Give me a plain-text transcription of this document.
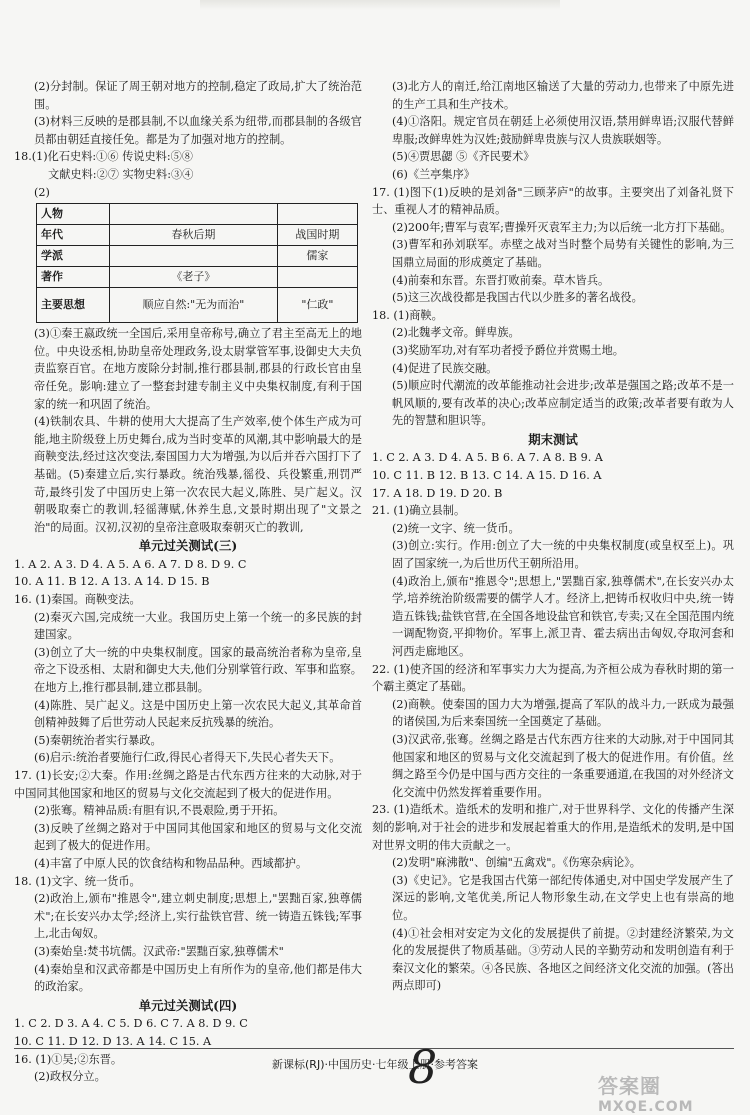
(2)分封制。保证了周王朝对地方的控制,稳定了政局,扩大了统治范围。

(3)材料三反映的是郡县制,不以血缘关系为纽带,而郡县制的各级官员都由朝廷直接任免。都是为了加强对地方的控制。

18.(1)化石史料:①⑥ 传说史料:⑤⑧

文献史料:②⑦ 实物史料:③④

(2)

人物		
年代	春秋后期	战国时期
学派		儒家
著作	《老子》	
主要思想	顺应自然:"无为而治"	"仁政"

(3)①秦王嬴政统一全国后,采用皇帝称号,确立了君主至高无上的地位。中央设丞相,协助皇帝处理政务,设太尉掌管军事,设御史大夫负责监察百官。在地方废除分封制,推行郡县制,郡县的行政长官由皇帝任免。影响:建立了一整套封建专制主义中央集权制度,有利于国家的统一和巩固了统治。

(4)铁制农具、牛耕的使用大大提高了生产效率,使个体生产成为可能,地主阶级登上历史舞台,成为当时变革的风潮,其中影响最大的是商鞅变法,经过这次变法,秦国国力大为增强,为以后并吞六国打下了基础。(5)秦建立后,实行暴政。统治残暴,徭役、兵役繁重,刑罚严苛,最终引发了中国历史上第一次农民大起义,陈胜、吴广起义。汉朝吸取秦亡的教训,轻徭薄赋,休养生息,文景时期出现了"文景之治"的局面。汉初,汉初的皇帝注意吸取秦朝灭亡的教训,

单元过关测试(三)

1. A 2. A 3. D 4. A 5. A 6. A 7. D 8. D 9. C

10. A 11. B 12. A 13. A 14. D 15. B

16. (1)秦国。商鞅变法。

(2)秦灭六国,完成统一大业。我国历史上第一个统一的多民族的封建国家。

(3)创立了大一统的中央集权制度。国家的最高统治者称为皇帝,皇帝之下设丞相、太尉和御史大夫,他们分别掌管行政、军事和监察。在地方上,推行郡县制,建立郡县制。

(4)陈胜、吴广起义。这是中国历史上第一次农民大起义,其革命首创精神鼓舞了后世劳动人民起来反抗残暴的统治。

(5)秦朝统治者实行暴政。

(6)启示:统治者要施行仁政,得民心者得天下,失民心者失天下。

17. (1)长安;②大秦。作用:丝绸之路是古代东西方往来的大动脉,对于中国同其他国家和地区的贸易与文化交流起到了极大的促进作用。

(2)张骞。精神品质:有胆有识,不畏艰险,勇于开拓。

(3)反映了丝绸之路对于中国同其他国家和地区的贸易与文化交流起到了极大的促进作用。

(4)丰富了中原人民的饮食结构和物品品种。西域都护。

18. (1)文字、统一货币。

(2)政治上,颁布"推恩令",建立刺史制度;思想上,"罢黜百家,独尊儒术";在长安兴办太学;经济上,实行盐铁官营、统一铸造五铢钱;军事上,北击匈奴。

(3)秦始皇:焚书坑儒。汉武帝:"罢黜百家,独尊儒术"

(4)秦始皇和汉武帝都是中国历史上有所作为的皇帝,他们都是伟大的政治家。

单元过关测试(四)

1. C 2. D 3. A 4. C 5. D 6. C 7. A 8. D 9. C

10. C 11. D 12. D 13. A 14. C 15. A

16. (1)①吴;②东晋。

(2)政权分立。

(3)北方人的南迁,给江南地区输送了大量的劳动力,也带来了中原先进的生产工具和生产技术。

(4)①洛阳。规定官员在朝廷上必须使用汉语,禁用鲜卑语;汉服代替鲜卑服;改鲜卑姓为汉姓;鼓励鲜卑贵族与汉人贵族联姻等。

(5)④贾思勰 ⑤《齐民要术》

(6)《兰亭集序》

17. (1)图下(1)反映的是刘备"三顾茅庐"的故事。主要突出了刘备礼贤下士、重视人才的精神品质。

(2)200年;曹军与袁军;曹操歼灭袁军主力;为以后统一北方打下基础。

(3)曹军和孙刘联军。赤壁之战对当时整个局势有关键性的影响,为三国鼎立局面的形成奠定了基础。

(4)前秦和东晋。东晋打败前秦。草木皆兵。

(5)这三次战役都是我国古代以少胜多的著名战役。

18. (1)商鞅。

(2)北魏孝文帝。鲜卑族。

(3)奖励军功,对有军功者授予爵位并赏赐土地。

(4)促进了民族交融。

(5)顺应时代潮流的改革能推动社会进步;改革是强国之路;改革不是一帆风顺的,要有改革的决心;改革应制定适当的政策;改革者要有敢为人先的智慧和胆识等。

期末测试

1. C 2. A 3. D 4. A 5. B 6. A 7. A 8. B 9. A

10. C 11. B 12. B 13. C 14. A 15. D 16. A

17. A 18. D 19. D 20. B

21. (1)确立县制。

(2)统一文字、统一货币。

(3)创立:实行。作用:创立了大一统的中央集权制度(或皇权至上)。巩固了国家统一,为后世历代王朝所沿用。

(4)政治上,颁布"推恩令";思想上,"罢黜百家,独尊儒术",在长安兴办太学,培养统治阶级需要的儒学人才。经济上,把铸币权收归中央,统一铸造五铢钱;盐铁官营,在全国各地设盐官和铁官,专卖;又在全国范围内统一调配物资,平抑物价。军事上,派卫青、霍去病出击匈奴,夺取河套和河西走廊地区。

22. (1)使齐国的经济和军事实力大为提高,为齐桓公成为春秋时期的第一个霸主奠定了基础。

(2)商鞅。使秦国的国力大为增强,提高了军队的战斗力,一跃成为最强的诸侯国,为后来秦国统一全国奠定了基础。

(3)汉武帝,张骞。丝绸之路是古代东西方往来的大动脉,对于中国同其他国家和地区的贸易与文化交流起到了极大的促进作用。有价值。丝绸之路至今仍是中国与西方交往的一条重要通道,在我国的对外经济文化交流中仍然发挥着重要作用。

23. (1)造纸术。造纸术的发明和推广,对于世界科学、文化的传播产生深刻的影响,对于社会的进步和发展起着重大的作用,是造纸术的发明,是中国对世界文明的伟大贡献之一。

(2)发明"麻沸散"、创编"五禽戏"。《伤寒杂病论》。

(3)《史记》。它是我国古代第一部纪传体通史,对中国史学发展产生了深远的影响,文笔优美,所记人物形象生动,在文学史上也有崇高的地位。

(4)①社会相对安定为文化的发展提供了前提。②封建经济繁荣,为文化的发展提供了物质基础。③劳动人民的辛勤劳动和发明创造有利于秦汉文化的繁荣。④各民族、各地区之间经济文化交流的加强。(答出两点即可)

新课标(RJ)·中国历史·七年级上册·参考答案
8	答案圈
MXQE.COM
